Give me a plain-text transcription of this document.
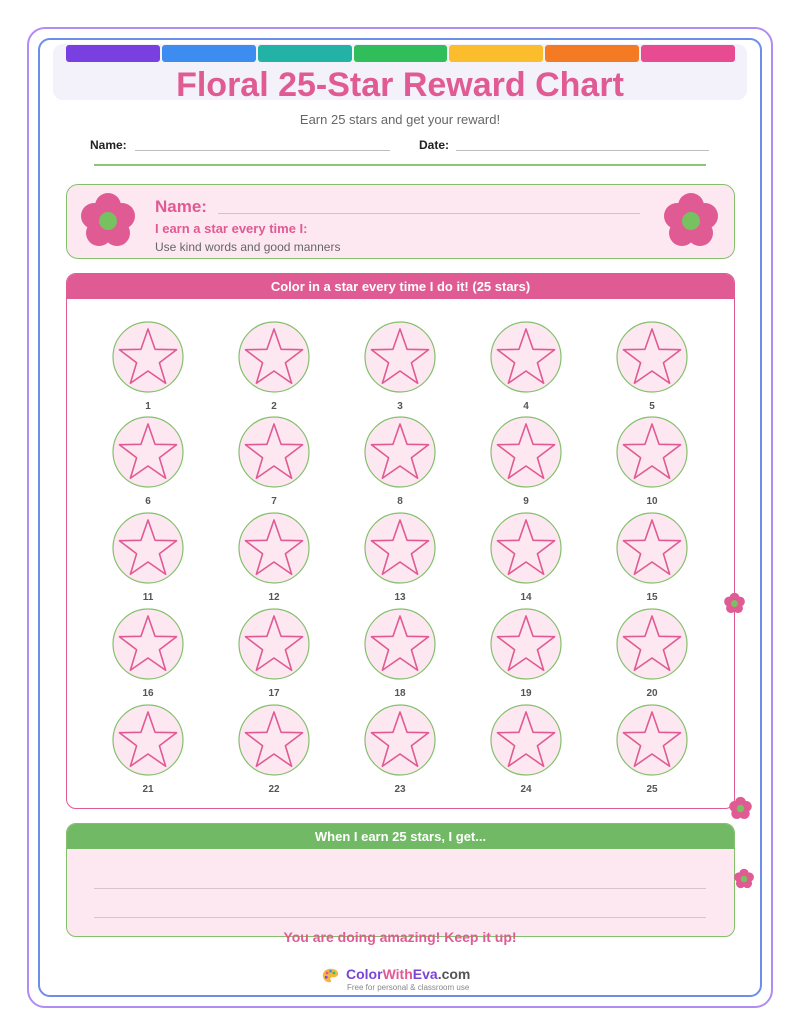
Floral 25-Star Reward Chart
Earn 25 stars and get your reward!
Name:	Date:
Name:
I earn a star every time I:
Use kind words and good manners
Color in a star every time I do it! (25 stars)
1	2	3	4	5
6	7	8	9	10
11	12	13	14	15
16	17	18	19	20
21	22	23	24	25
When I earn 25 stars, I get...
You are doing amazing! Keep it up!
ColorWithEva.com
Free for personal & classroom use
